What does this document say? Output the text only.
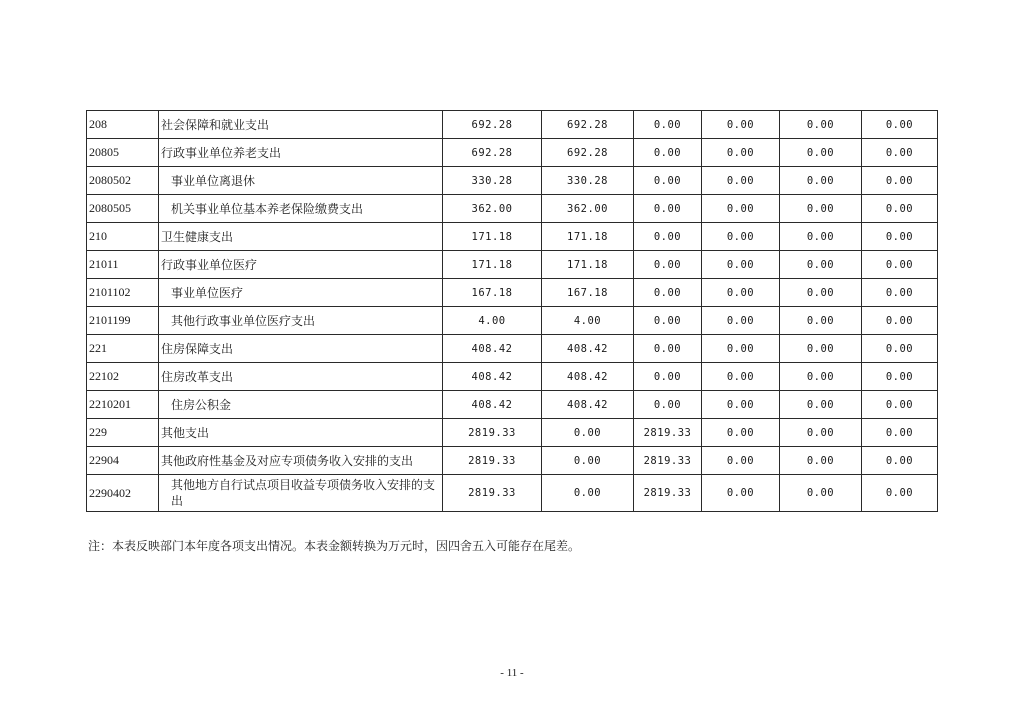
208	社会保障和就业支出	692.28	692.28	0.00	0.00	0.00	0.00
20805	行政事业单位养老支出	692.28	692.28	0.00	0.00	0.00	0.00
2080502	事业单位离退休	330.28	330.28	0.00	0.00	0.00	0.00
2080505	机关事业单位基本养老保险缴费支出	362.00	362.00	0.00	0.00	0.00	0.00
210	卫生健康支出	171.18	171.18	0.00	0.00	0.00	0.00
21011	行政事业单位医疗	171.18	171.18	0.00	0.00	0.00	0.00
2101102	事业单位医疗	167.18	167.18	0.00	0.00	0.00	0.00
2101199	其他行政事业单位医疗支出	4.00	4.00	0.00	0.00	0.00	0.00
221	住房保障支出	408.42	408.42	0.00	0.00	0.00	0.00
22102	住房改革支出	408.42	408.42	0.00	0.00	0.00	0.00
2210201	住房公积金	408.42	408.42	0.00	0.00	0.00	0.00
229	其他支出	2819.33	0.00	2819.33	0.00	0.00	0.00
22904	其他政府性基金及对应专项债务收入安排的支出	2819.33	0.00	2819.33	0.00	0.00	0.00
2290402	其他地方自行试点项目收益专项债务收入安排的支出	2819.33	0.00	2819.33	0.00	0.00	0.00
注：本表反映部门本年度各项支出情况。本表金额转换为万元时，因四舍五入可能存在尾差。
- 11 -
